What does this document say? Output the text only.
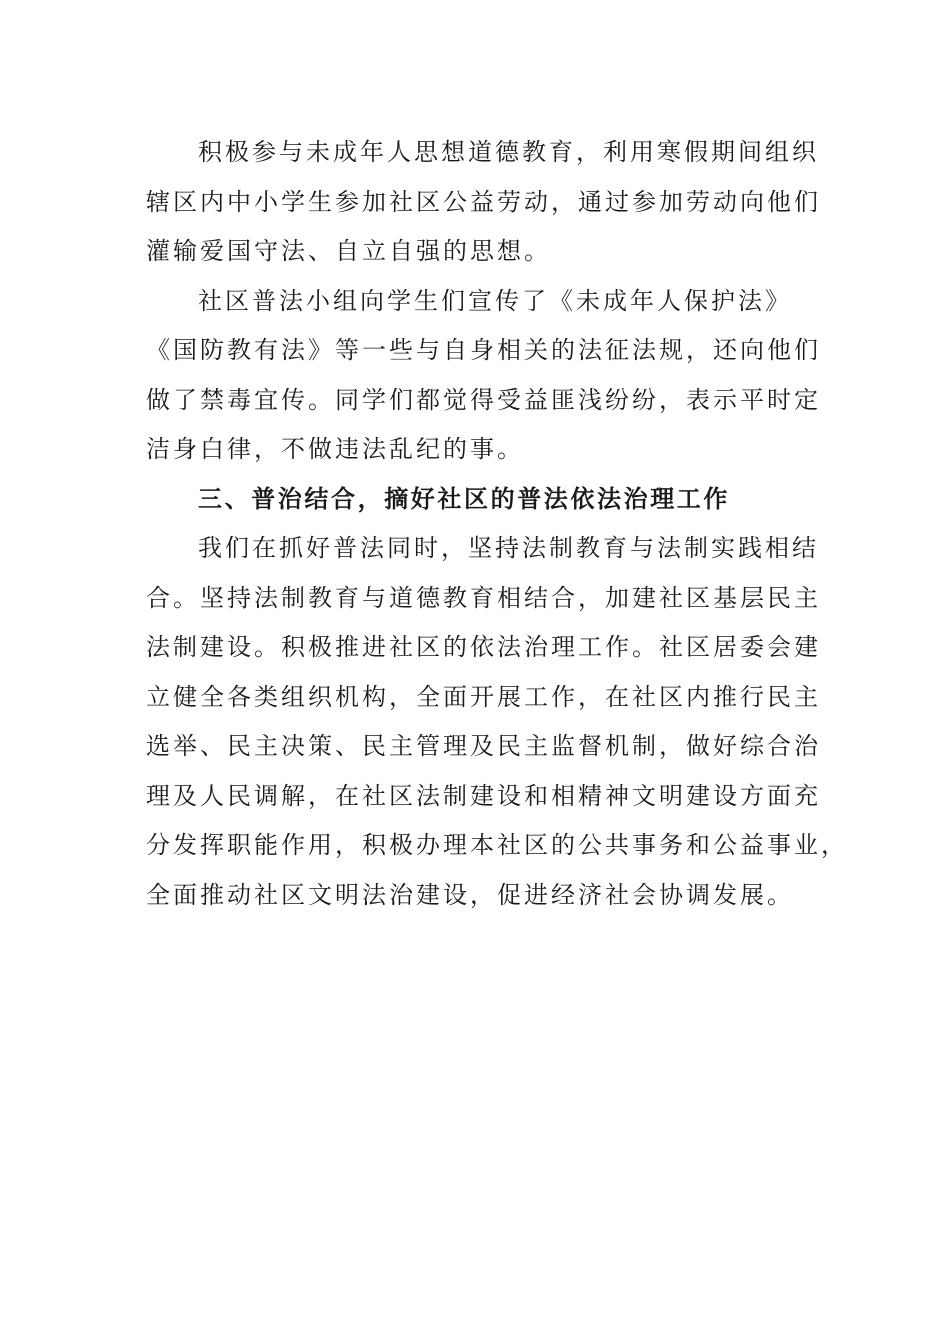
积极参与未成年人思想道德教育，利用寒假期间组织
辖区内中小学生参加社区公益劳动，通过参加劳动向他们
灌输爱国守法、自立自强的思想。
社区普法小组向学生们宣传了《未成年人保护法》
《国防教有法》等一些与自身相关的法征法规，还向他们
做了禁毒宜传。同学们都觉得受益匪浅纷纷，表示平时定
洁身白律，不做违法乱纪的事。
三、普治结合，摘好社区的普法依法治理工作
我们在抓好普法同时，坚持法制教育与法制实践相结
合。坚持法制教育与道德教育相结合，加建社区基层民主
法制建设。积极推进社区的依法治理工作。社区居委会建
立健全各类组织机构，全面开展工作，在社区内推行民主
选举、民主决策、民主管理及民主监督机制，做好综合治
理及人民调解，在社区法制建设和相精神文明建设方面充
分发挥职能作用，积极办理本社区的公共事务和公益事业，
全面推动社区文明法治建设，促进经济社会协调发展。
